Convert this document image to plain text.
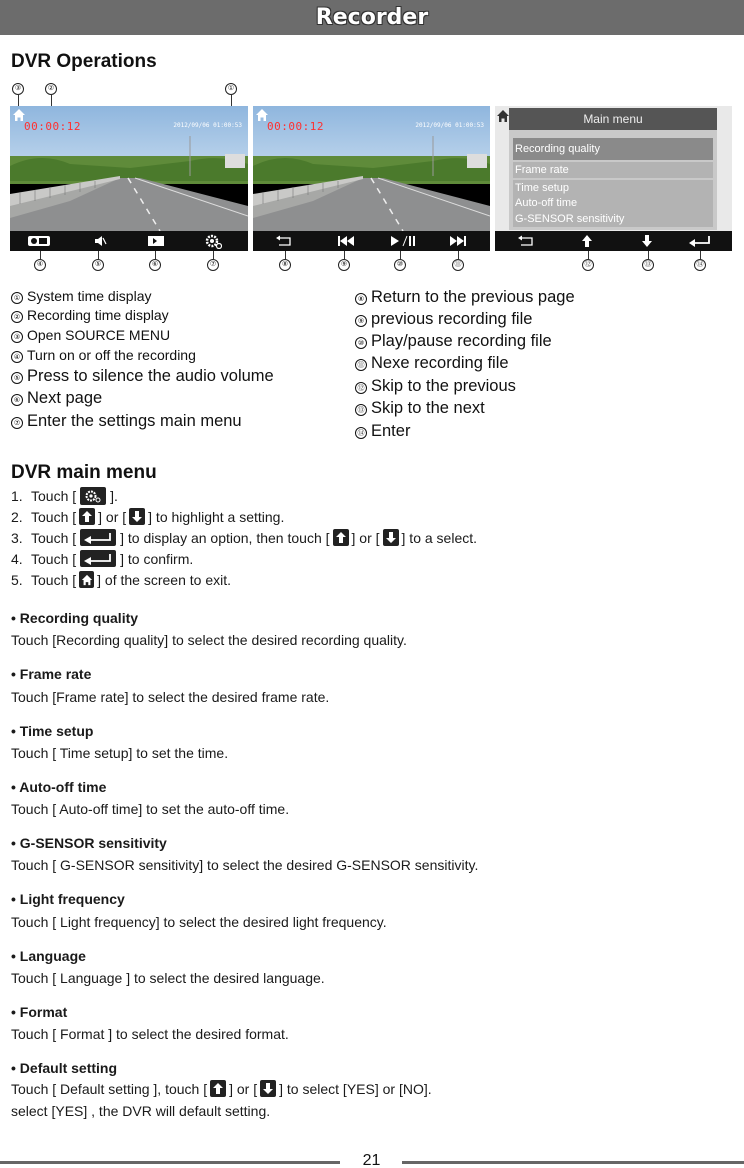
Recorder
DVR Operations
③	②	①
00:00:12	2012/09/06 01:00:53 00:00:12	2012/09/06 01:00:53	Main menu
Recording quality
Frame rate
Time setup
Auto-off time
G-SENSOR sensitivity
④	⑤	⑥	⑦	⑧	⑨	⑩	⑪	⑫	⑬	⑭
① System time display
② Recording time display
③ Open SOURCE MENU
④ Turn on or off the recording
⑤ Press to silence the audio volume
⑥ Next page
⑦ Enter the settings main menu
⑧ Return to the previous page
⑨ previous recording file
⑩ Play/pause recording file
⑪ Nexe recording file
⑫ Skip to the previous
⑬ Skip to the next
⑭ Enter
DVR main menu
1. Touch [ ].
2. Touch [ ] or [ ] to highlight a setting.
3. Touch [	] to display an option, then touch [ ] or [ ] to a select.
4. Touch [	] to confirm.
5. Touch [ ] of the screen to exit.
• Recording quality
Touch [Recording quality] to select the desired recording quality.
• Frame rate
Touch [Frame rate] to select the desired frame rate.
• Time setup
Touch [ Time setup] to set the time.
• Auto-off time
Touch [ Auto-off time] to set the auto-off time.
• G-SENSOR sensitivity
Touch [ G-SENSOR sensitivity] to select the desired G-SENSOR sensitivity.
• Light frequency
Touch [ Light frequency] to select the desired light frequency.
• Language
Touch [ Language ] to select the desired language.
• Format
Touch [ Format ] to select the desired format.
• Default setting
Touch [ Default setting ], touch [ ] or [ ] to select [YES] or [NO].
select [YES] , the DVR will default setting.
21
